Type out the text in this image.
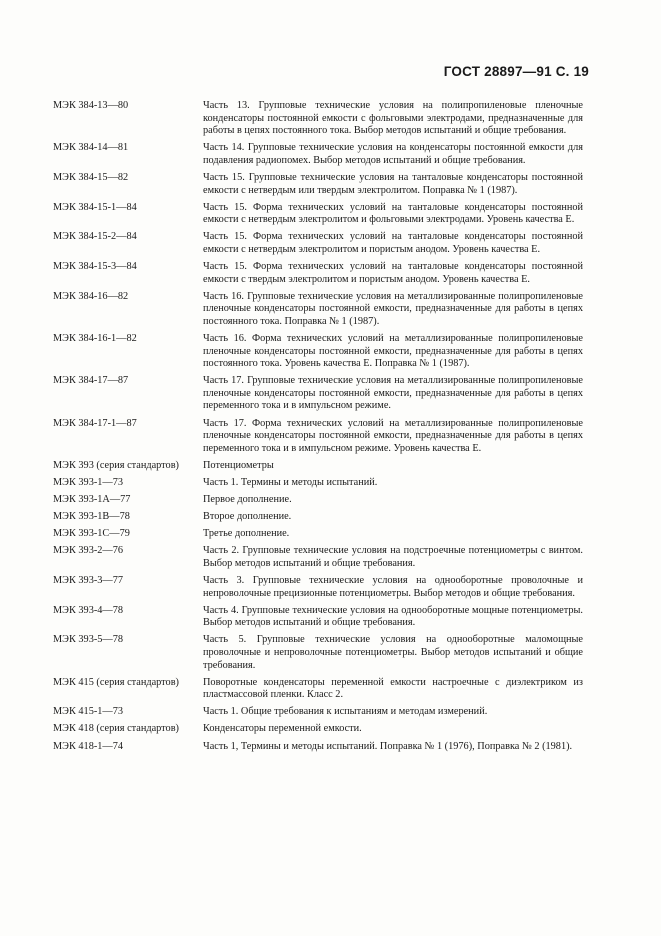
ГОСТ 28897—91 С. 19
МЭК 384-13—80	Часть 13. Групповые технические условия на полипропиленовые пленочные конденсаторы постоянной емкости с фольговыми электродами, предназначенные для работы в цепях постоянного тока. Выбор методов испытаний и общие требования.
МЭК 384-14—81	Часть 14. Групповые технические условия на конденсаторы постоянной емкости для подавления радиопомех. Выбор методов испытаний и общие требования.
МЭК 384-15—82	Часть 15. Групповые технические условия на танталовые конденсаторы постоянной емкости с нетвердым или твердым электролитом. Поправка № 1 (1987).
МЭК 384-15-1—84	Часть 15. Форма технических условий на танталовые конденсаторы постоянной емкости с нетвердым электролитом и фольговыми электродами. Уровень качества Е.
МЭК 384-15-2—84	Часть 15. Форма технических условий на танталовые конденсаторы постоянной емкости с нетвердым электролитом и пористым анодом. Уровень качества Е.
МЭК 384-15-3—84	Часть 15. Форма технических условий на танталовые конденсаторы постоянной емкости с твердым электролитом и пористым анодом. Уровень качества Е.
МЭК 384-16—82	Часть 16. Групповые технические условия на металлизированные полипропиленовые пленочные конденсаторы постоянной емкости, предназначенные для работы в цепях постоянного тока. Поправка № 1 (1987).
МЭК 384-16-1—82	Часть 16. Форма технических условий на металлизированные полипропиленовые пленочные конденсаторы постоянной емкости, предназначенные для работы в цепях постоянного тока. Уровень качества Е. Поправка № 1 (1987).
МЭК 384-17—87	Часть 17. Групповые технические условия на металлизированные полипропиленовые пленочные конденсаторы постоянной емкости, предназначенные для работы в цепях переменного тока и в импульсном режиме.
МЭК 384-17-1—87	Часть 17. Форма технических условий на металлизированные полипропиленовые пленочные конденсаторы постоянной емкости, предназначенные для работы в цепях переменного тока и в импульсном режиме. Уровень качества Е.
МЭК 393 (серия стандартов)	Потенциометры
МЭК 393-1—73	Часть 1. Термины и методы испытаний.
МЭК 393-1А—77	Первое дополнение.
МЭК 393-1В—78	Второе дополнение.
МЭК 393-1С—79	Третье дополнение.
МЭК 393-2—76	Часть 2. Групповые технические условия на подстроечные потенциометры с винтом. Выбор методов испытаний и общие требования.
МЭК 393-3—77	Часть 3. Групповые технические условия на однооборотные проволочные и непроволочные прецизионные потенциометры. Выбор методов и общие требования.
МЭК 393-4—78	Часть 4. Групповые технические условия на однооборотные мощные потенциометры. Выбор методов испытаний и общие требования.
МЭК 393-5—78	Часть 5. Групповые технические условия на однооборотные маломощные проволочные и непроволочные потенциометры. Выбор методов испытаний и общие требования.
МЭК 415 (серия стандартов)	Поворотные конденсаторы переменной емкости настроечные с диэлектриком из пластмассовой пленки. Класс 2.
МЭК 415-1—73	Часть 1. Общие требования к испытаниям и методам измерений.
МЭК 418 (серия стандартов)	Конденсаторы переменной емкости.
МЭК 418-1—74	Часть 1, Термины и методы испытаний. Поправка № 1 (1976), Поправка № 2 (1981).
